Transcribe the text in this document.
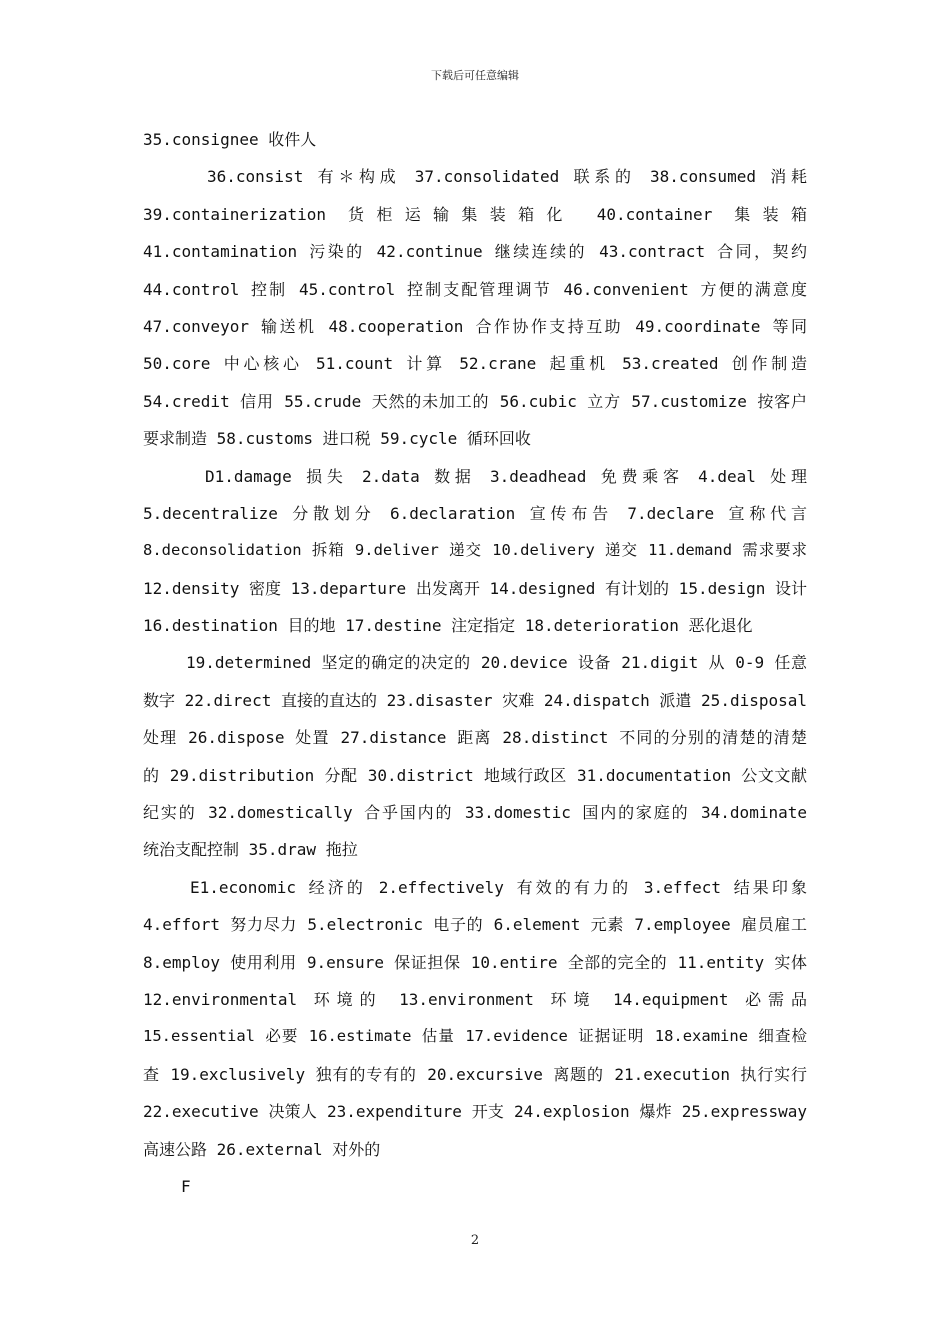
下载后可任意编辑
35.consignee 收件人
36.consist 有＊构成 37.consolidated 联系的 38.consumed 消耗
39.containerization 货柜运输集装箱化 40.container 集装箱
41.contamination 污染的 42.continue 继续连续的 43.contract 合同，契约
44.control 控制 45.control 控制支配管理调节 46.convenient 方便的满意度
47.conveyor 输送机 48.cooperation 合作协作支持互助 49.coordinate 等同
50.core 中心核心 51.count 计算 52.crane 起重机 53.created 创作制造
54.credit 信用 55.crude 天然的未加工的 56.cubic 立方 57.customize 按客户
要求制造 58.customs 进口税 59.cycle 循环回收
D1.damage 损失 2.data 数据 3.deadhead 免费乘客 4.deal 处理
5.decentralize 分散划分 6.declaration 宣传布告 7.declare 宣称代言
8.deconsolidation 拆箱 9.deliver 递交 10.delivery 递交 11.demand 需求要求
12.density 密度 13.departure 出发离开 14.designed 有计划的 15.design 设计
16.destination 目的地 17.destine 注定指定 18.deterioration 恶化退化
19.determined 坚定的确定的决定的 20.device 设备 21.digit 从 0-9 任意
数字 22.direct 直接的直达的 23.disaster 灾难 24.dispatch 派遣 25.disposal
处理 26.dispose 处置 27.distance 距离 28.distinct 不同的分别的清楚的清楚
的 29.distribution 分配 30.district 地域行政区 31.documentation 公文文献
纪实的 32.domestically 合乎国内的 33.domestic 国内的家庭的 34.dominate
统治支配控制 35.draw 拖拉
E1.economic 经济的 2.effectively 有效的有力的 3.effect 结果印象
4.effort 努力尽力 5.electronic 电子的 6.element 元素 7.employee 雇员雇工
8.employ 使用利用 9.ensure 保证担保 10.entire 全部的完全的 11.entity 实体
12.environmental 环境的 13.environment 环境 14.equipment 必需品
15.essential 必要 16.estimate 估量 17.evidence 证据证明 18.examine 细查检
查 19.exclusively 独有的专有的 20.excursive 离题的 21.execution 执行实行
22.executive 决策人 23.expenditure 开支 24.explosion 爆炸 25.expressway
高速公路 26.external 对外的
F
2
